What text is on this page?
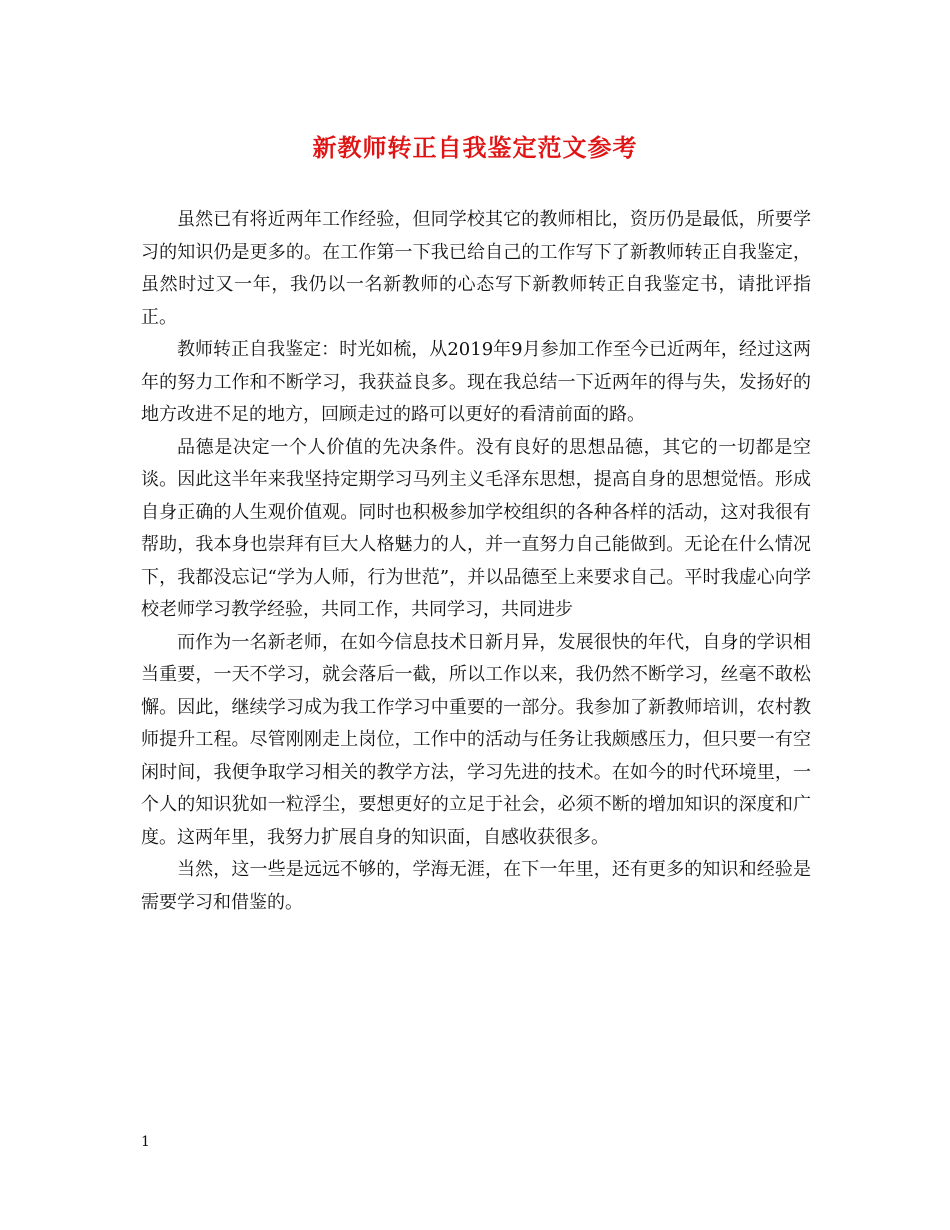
新教师转正自我鉴定范文参考

虽然已有将近两年工作经验，但同学校其它的教师相比，资历仍是最低，所要学习的知识仍是更多的。在工作第一下我已给自己的工作写下了新教师转正自我鉴定，虽然时过又一年，我仍以一名新教师的心态写下新教师转正自我鉴定书，请批评指正。

教师转正自我鉴定：时光如梳，从2019年9月参加工作至今已近两年，经过这两年的努力工作和不断学习，我获益良多。现在我总结一下近两年的得与失，发扬好的地方改进不足的地方，回顾走过的路可以更好的看清前面的路。

品德是决定一个人价值的先决条件。没有良好的思想品德，其它的一切都是空谈。因此这半年来我坚持定期学习马列主义毛泽东思想，提高自身的思想觉悟。形成自身正确的人生观价值观。同时也积极参加学校组织的各种各样的活动，这对我很有帮助，我本身也崇拜有巨大人格魅力的人，并一直努力自己能做到。无论在什么情况下，我都没忘记“学为人师，行为世范”，并以品德至上来要求自己。平时我虚心向学校老师学习教学经验，共同工作，共同学习，共同进步

而作为一名新老师，在如今信息技术日新月异，发展很快的年代，自身的学识相当重要，一天不学习，就会落后一截，所以工作以来，我仍然不断学习，丝毫不敢松懈。因此，继续学习成为我工作学习中重要的一部分。我参加了新教师培训，农村教师提升工程。尽管刚刚走上岗位，工作中的活动与任务让我颇感压力，但只要一有空闲时间，我便争取学习相关的教学方法，学习先进的技术。在如今的时代环境里，一个人的知识犹如一粒浮尘，要想更好的立足于社会，必须不断的增加知识的深度和广度。这两年里，我努力扩展自身的知识面，自感收获很多。

当然，这一些是远远不够的，学海无涯，在下一年里，还有更多的知识和经验是需要学习和借鉴的。

1
